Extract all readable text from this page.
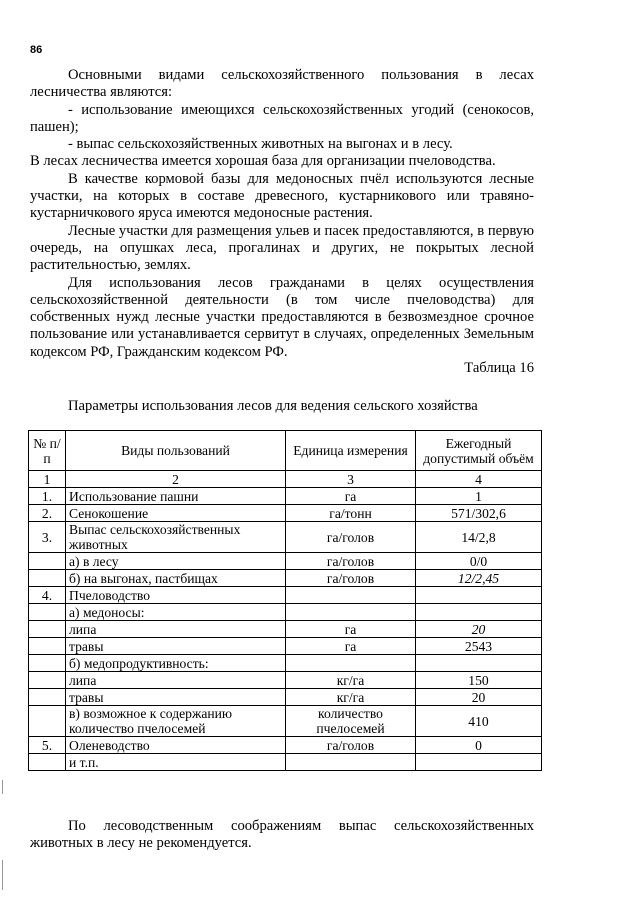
86

Основными видами сельскохозяйственного пользования в лесах лесничества являются:

- использование имеющихся сельскохозяйственных угодий (сенокосов, пашен);

- выпас сельскохозяйственных животных на выгонах и в лесу.

В лесах лесничества имеется хорошая база для организации пчеловодства.

В качестве кормовой базы для медоносных пчёл используются лесные участки, на которых в составе древесного, кустарникового или травяно-кустарничкового яруса имеются медоносные растения.

Лесные участки для размещения ульев и пасек предоставляются, в первую очередь, на опушках леса, прогалинах и других, не покрытых лесной растительностью, землях.

Для использования лесов гражданами в целях осуществления сельскохозяйственной деятельности (в том числе пчеловодства) для собственных нужд лесные участки предоставляются в безвозмездное срочное пользование или устанавливается сервитут в случаях, определенных Земельным кодексом РФ, Гражданским кодексом РФ.

Таблица 16
Параметры использования лесов для ведения сельского хозяйства
№ п/п	Виды пользований	Единица измерения	Ежегодный допустимый объём
1	2	3	4
1.	Использование пашни	га	1
2.	Сенокошение	га/тонн	571/302,6
3.	Выпас сельскохозяйственных животных	га/голов	14/2,8
	а) в лесу	га/голов	0/0
	б) на выгонах, пастбищах	га/голов	12/2,45
4.	Пчеловодство		
	а) медоносы:		
	липа	га	20
	травы	га	2543
	б) медопродуктивность:		
	липа	кг/га	150
	травы	кг/га	20
	в) возможное к содержанию количество пчелосемей	количество пчелосемей	410
5.	Оленеводство	га/голов	0
	и т.п.		

По лесоводственным соображениям выпас сельскохозяйственных животных в лесу не рекомендуется.
